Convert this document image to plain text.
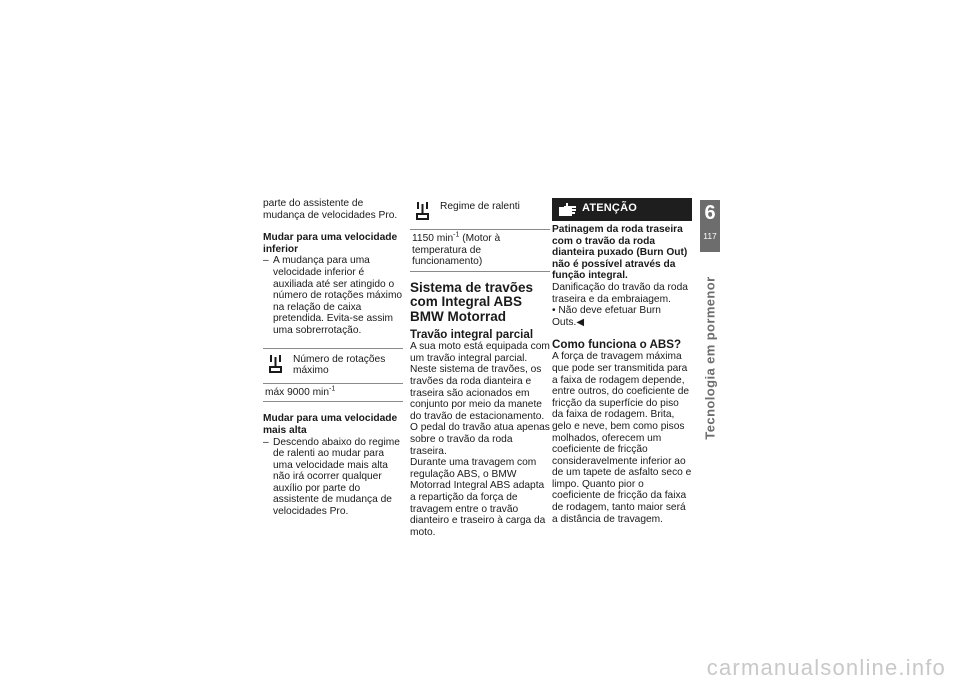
parte do assistente de mudança de velocidades Pro.

Mudar para uma velocidade inferior

– A mudança para uma velocidade inferior é auxiliada até ser atingido o número de rotações máximo na relação de caixa pretendida. Evita-se assim uma sobrerrotação.

Número de rotações máximo
máx 9000 $\min^{-1}$

Mudar para uma velocidade mais alta

– Descendo abaixo do regime de ralenti ao mudar para uma velocidade mais alta não irá ocorrer qualquer auxílio por parte do assistente de mudança de velocidades Pro.

Regime de ralenti
1150 $\min^{-1}$ (Motor à temperatura de funcionamento)

Sistema de travões com Integral ABS BMW Motorrad

Travão integral parcial

A sua moto está equipada com um travão integral parcial. Neste sistema de travões, os travões da roda dianteira e traseira são acionados em conjunto por meio da manete do travão de estacionamento. O pedal do travão atua apenas sobre o travão da roda traseira.

Durante uma travagem com regulação ABS, o BMW Motorrad Integral ABS adapta a repartição da força de travagem entre o travão dianteiro e traseiro à carga da moto.

ATENÇÃO

Patinagem da roda traseira com o travão da roda dianteira puxado (Burn Out) não é possível através da função integral.

Danificação do travão da roda traseira e da embraiagem.

• Não deve efetuar Burn Outs.◀

Como funciona o ABS?

A força de travagem máxima que pode ser transmitida para a faixa de rodagem depende, entre outros, do coeficiente de fricção da superfície do piso da faixa de rodagem. Brita, gelo e neve, bem como pisos molhados, oferecem um coeficiente de fricção consideravelmente inferior ao de um tapete de asfalto seco e limpo. Quanto pior o coeficiente de fricção da faixa de rodagem, tanto maior será a distância de travagem.

6
117
Tecnologia em pormenor
carmanualsonline.info
